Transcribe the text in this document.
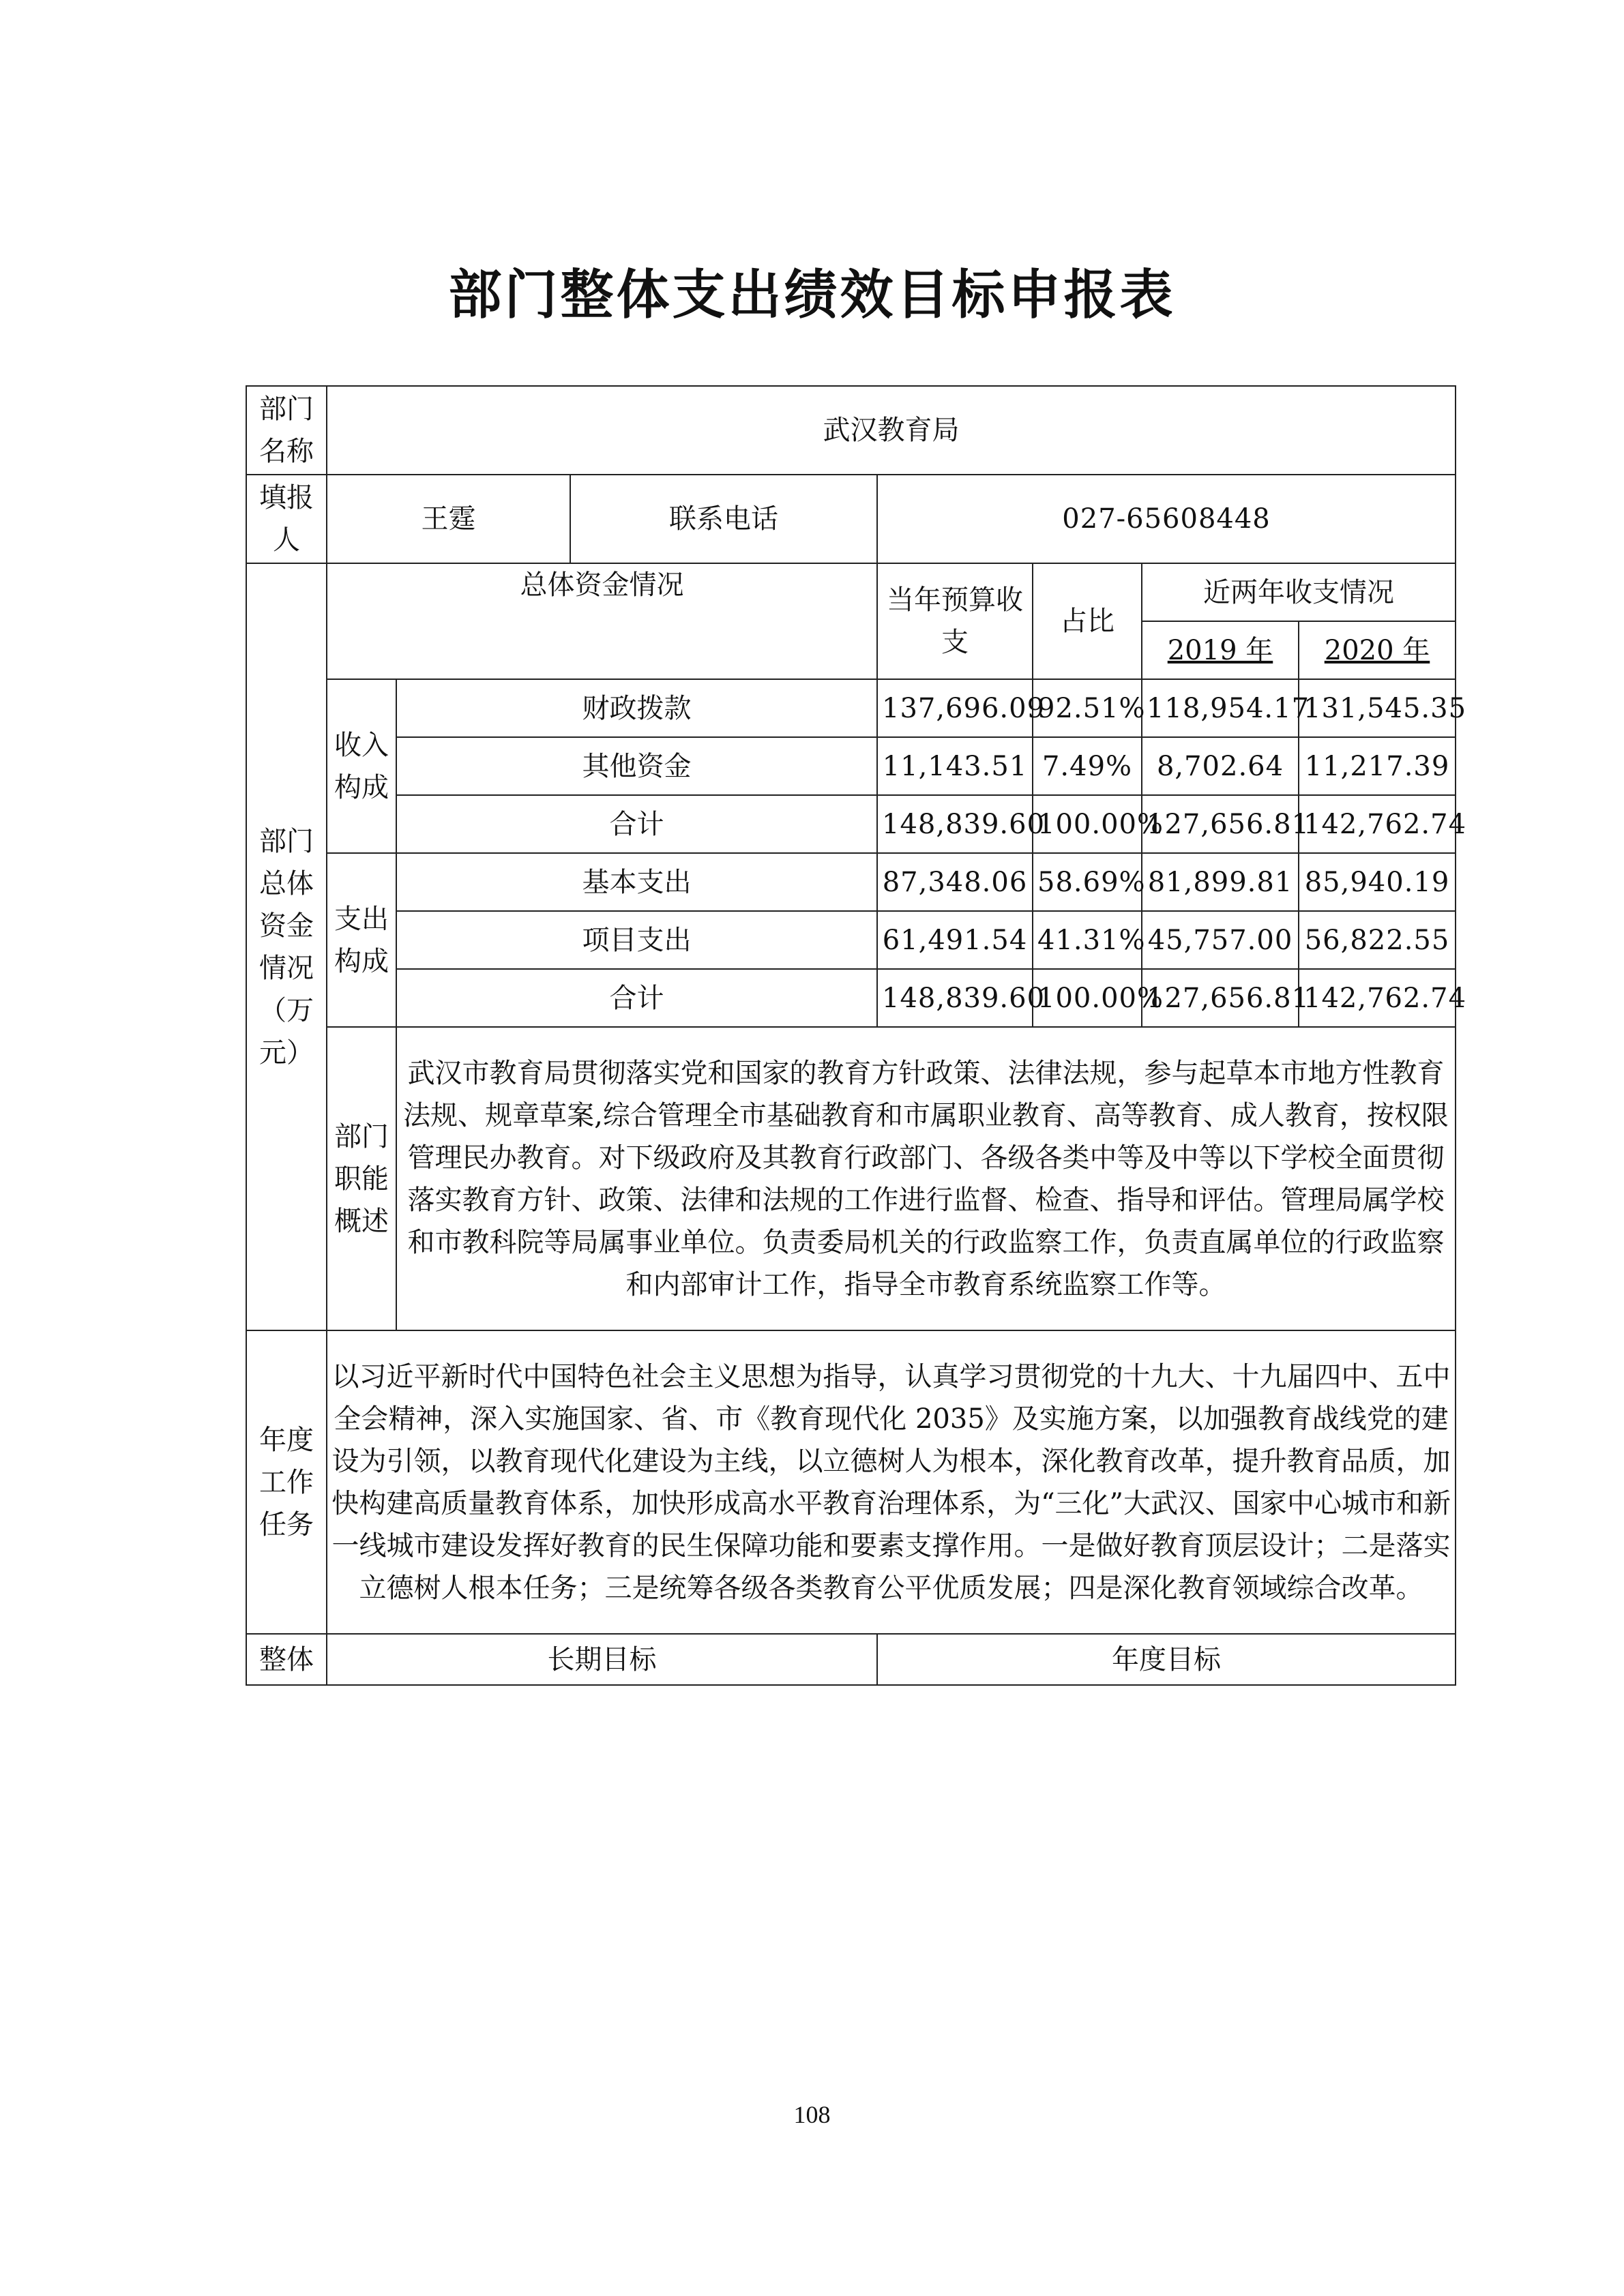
部门整体支出绩效目标申报表
部门名称	武汉教育局						
填报人	王霆		联系电话	027-65608448			
部门总体资金情况（万元）	总体资金情况			当年预算收支	占比	近两年收支情况	
						2019 年	2020 年
	收入构成	财政拨款		137,696.09	92.51%	118,954.17	131,545.35
		其他资金		11,143.51	7.49%	8,702.64	11,217.39
		合计		148,839.60	100.00%	127,656.81	142,762.74
	支出构成	基本支出		87,348.06	58.69%	81,899.81	85,940.19
		项目支出		61,491.54	41.31%	45,757.00	56,822.55
		合计		148,839.60	100.00%	127,656.81	142,762.74
	部门职能概述	武汉市教育局贯彻落实党和国家的教育方针政策、法律法规，参与起草本市地方性教育法规、规章草案,综合管理全市基础教育和市属职业教育、高等教育、成人教育，按权限管理民办教育。对下级政府及其教育行政部门、各级各类中等及中等以下学校全面贯彻落实教育方针、政策、法律和法规的工作进行监督、检查、指导和评估。管理局属学校和市教科院等局属事业单位。负责委局机关的行政监察工作，负责直属单位的行政监察和内部审计工作，指导全市教育系统监察工作等。					
年度工作任务	以习近平新时代中国特色社会主义思想为指导，认真学习贯彻党的十九大、十九届四中、五中全会精神，深入实施国家、省、市《教育现代化 2035》及实施方案，以加强教育战线党的建设为引领，以教育现代化建设为主线，以立德树人为根本，深化教育改革，提升教育品质，加快构建高质量教育体系，加快形成高水平教育治理体系，为“三化”大武汉、国家中心城市和新一线城市建设发挥好教育的民生保障功能和要素支撑作用。一是做好教育顶层设计；二是落实立德树人根本任务；三是统筹各级各类教育公平优质发展；四是深化教育领域综合改革。						
整体	长期目标			年度目标			
108
